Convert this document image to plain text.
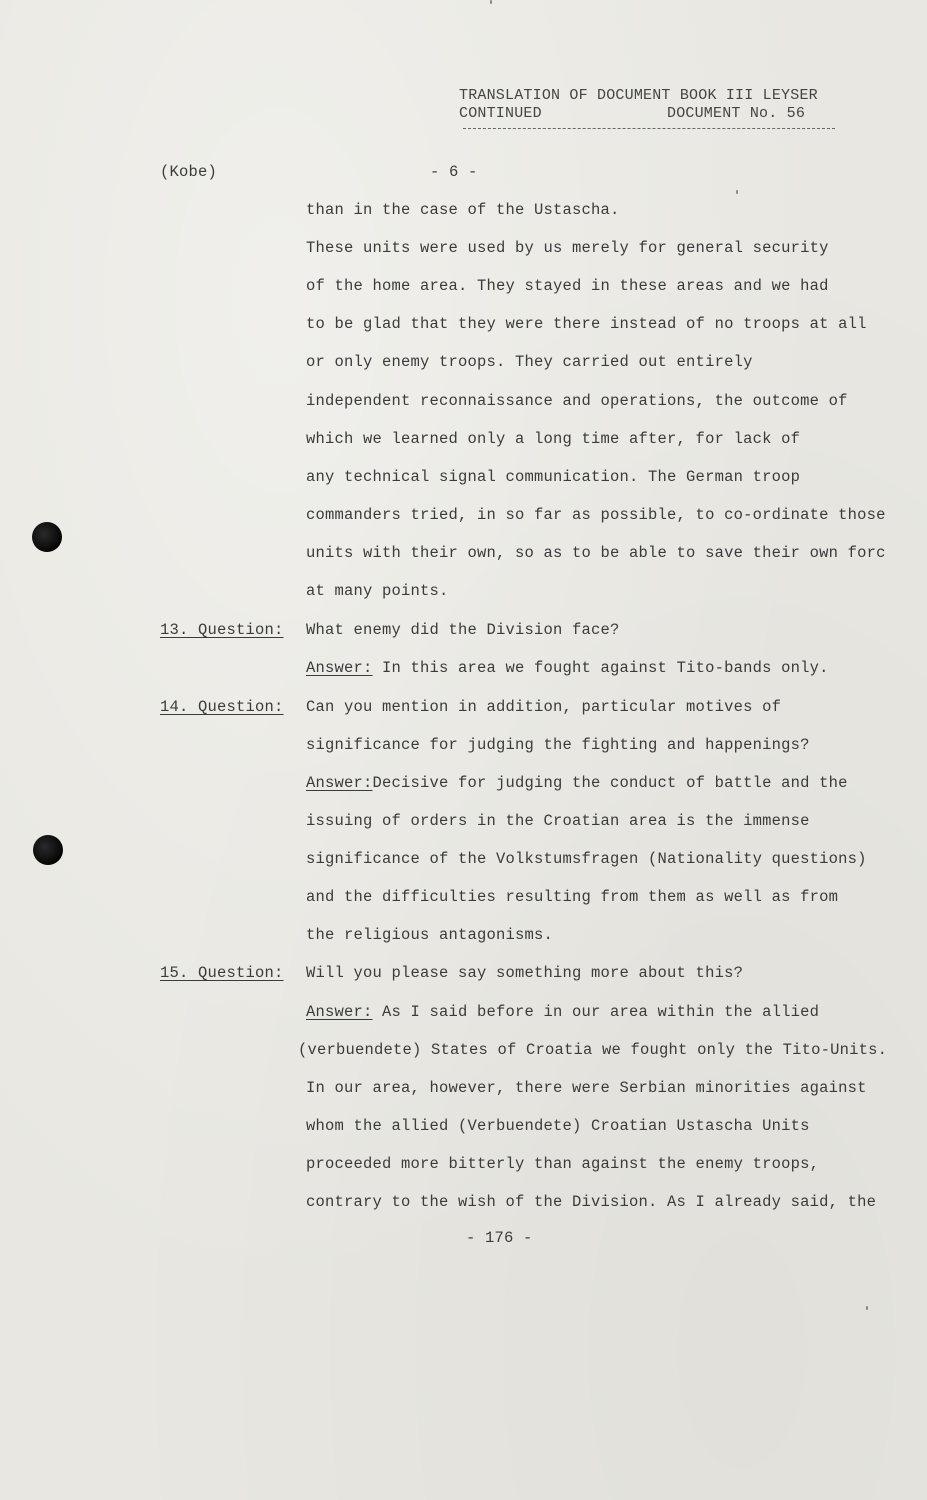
TRANSLATION OF DOCUMENT BOOK III LEYSER
CONTINUED	DOCUMENT No. 56
(Kobe)	- 6 -
than in the case of the Ustascha.
These units were used by us merely for general security
of the home area. They stayed in these areas and we had
to be glad that they were there instead of no troops at all
or only enemy troops. They carried out entirely
independent reconnaissance and operations, the outcome of
which we learned only a long time after, for lack of
any technical signal communication. The German troop
commanders tried, in so far as possible, to co-ordinate those
units with their own, so as to be able to save their own forc
at many points.
13. Question: What enemy did the Division face?
Answer: In this area we fought against Tito-bands only.
14. Question: Can you mention in addition, particular motives of
significance for judging the fighting and happenings?
Answer:Decisive for judging the conduct of battle and the
issuing of orders in the Croatian area is the immense
significance of the Volkstumsfragen (Nationality questions)
and the difficulties resulting from them as well as from
the religious antagonisms.
15. Question: Will you please say something more about this?
Answer: As I said before in our area within the allied
(verbuendete) States of Croatia we fought only the Tito-Units.
In our area, however, there were Serbian minorities against
whom the allied (Verbuendete) Croatian Ustascha Units
proceeded more bitterly than against the enemy troops,
contrary to the wish of the Division. As I already said, the
- 176 -
